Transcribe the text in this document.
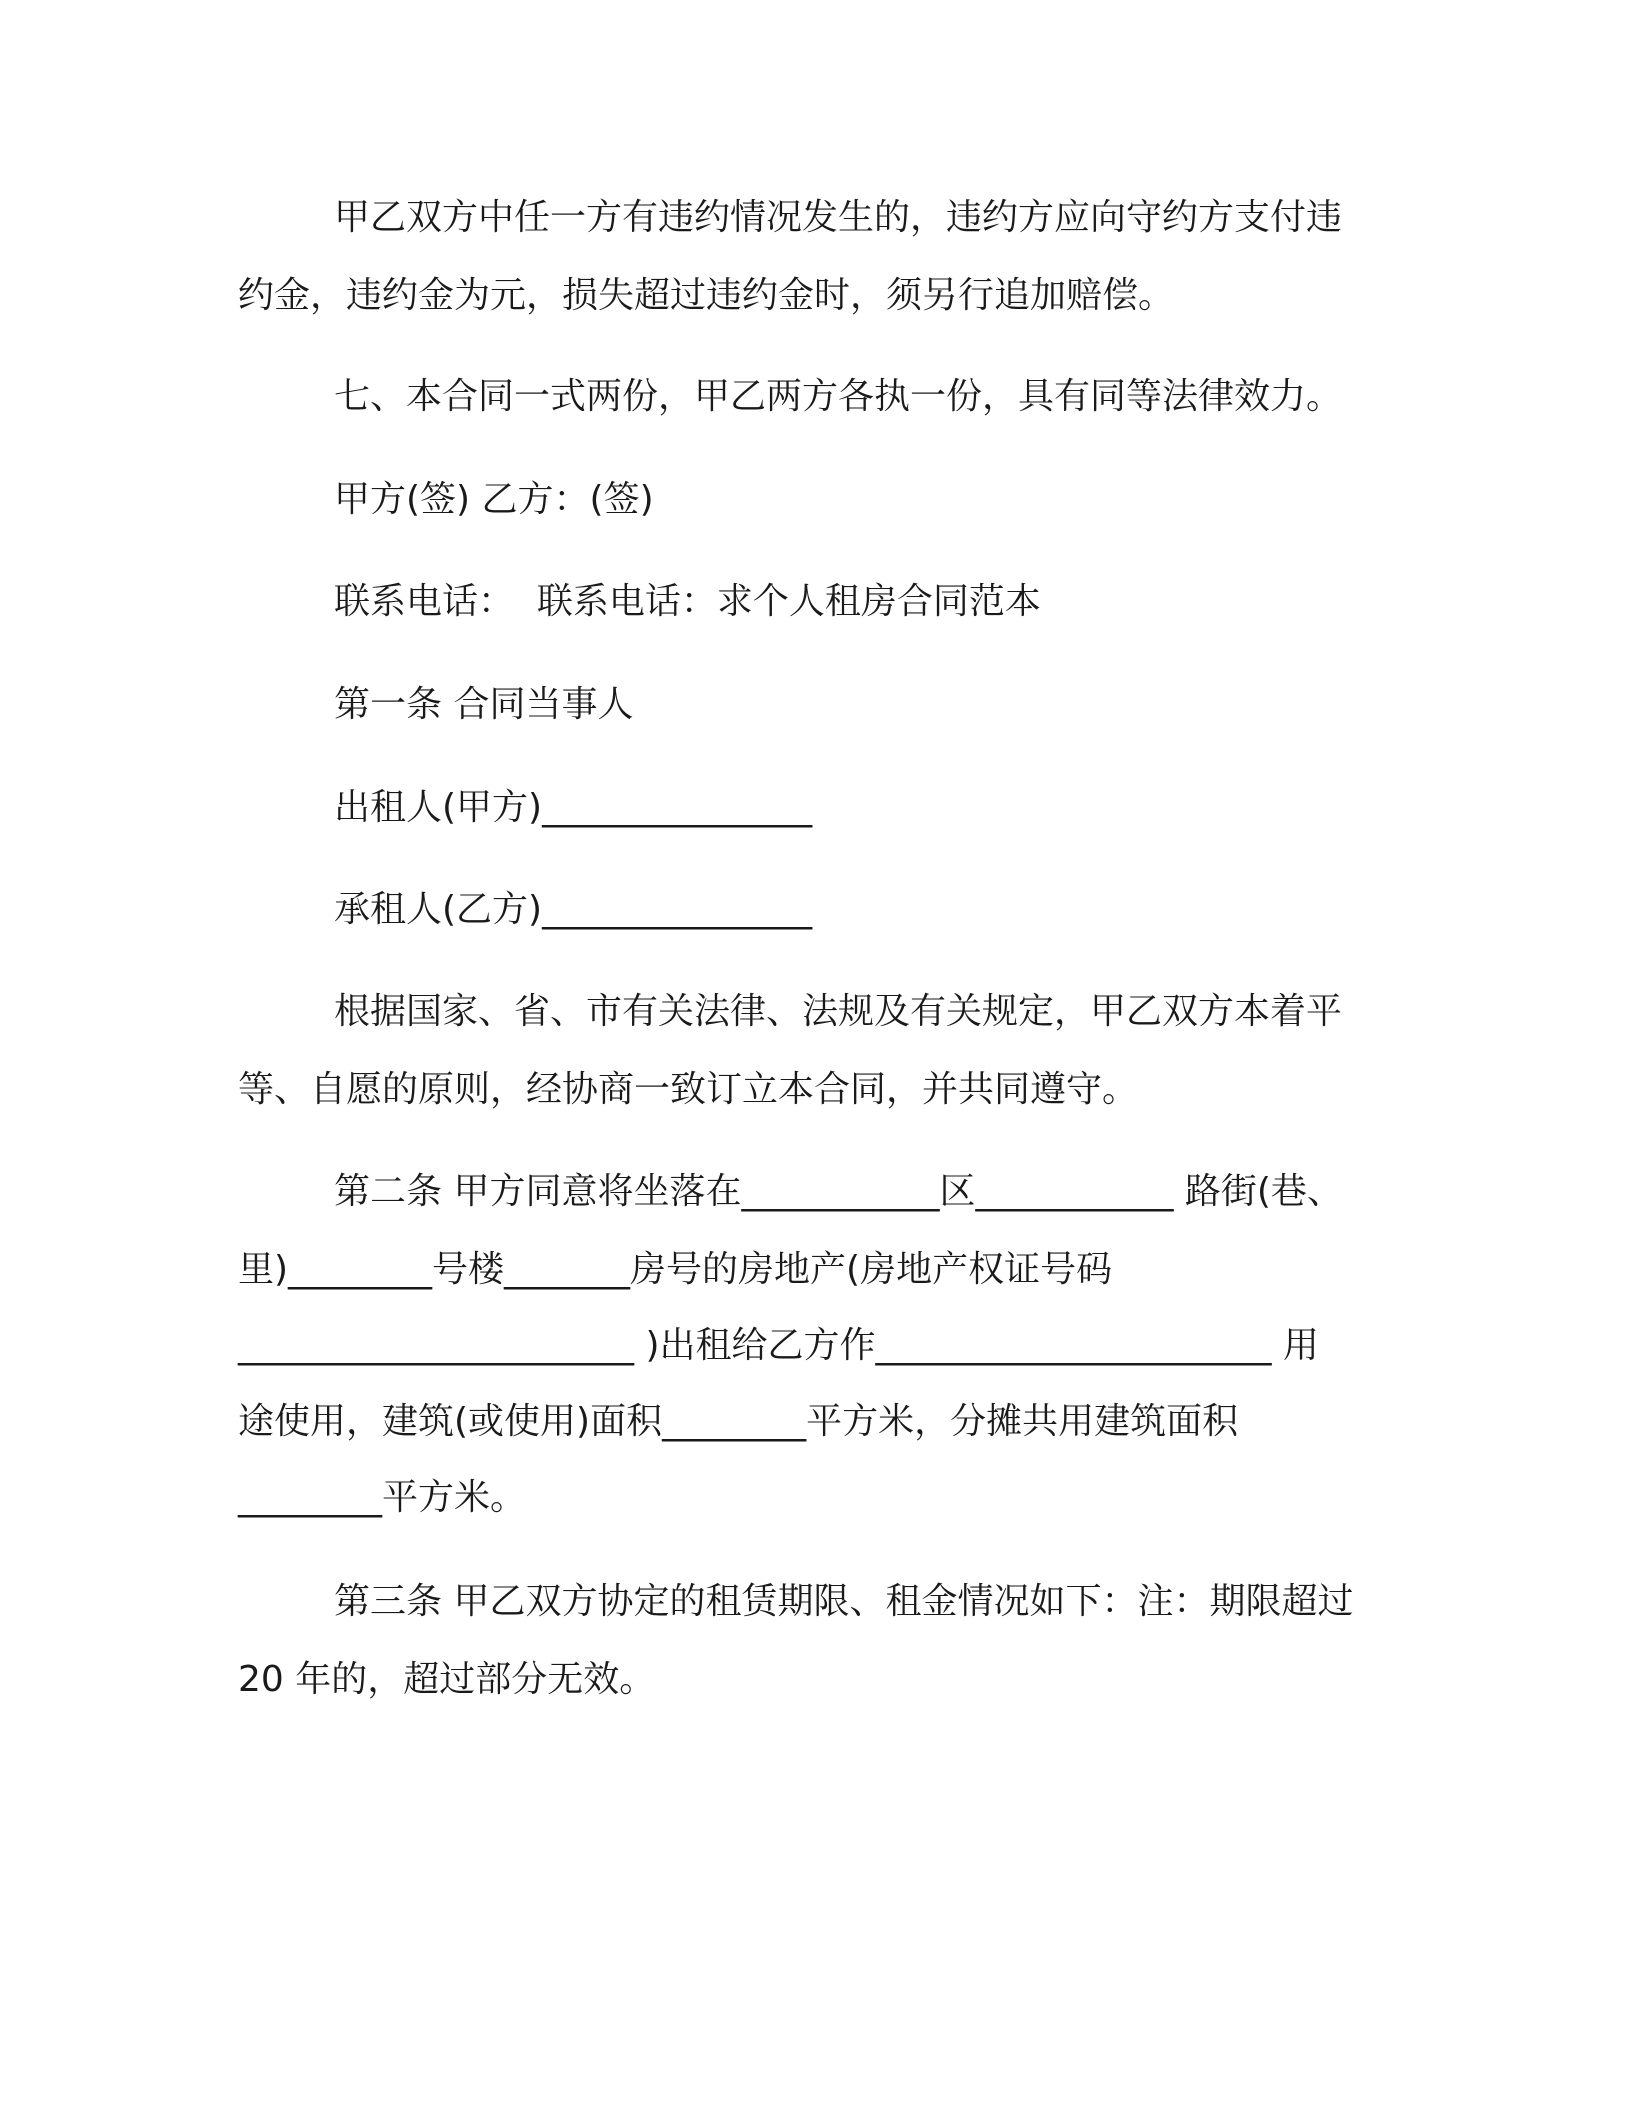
甲乙双方中任一方有违约情况发生的，违约方应向守约方支付违
约金，违约金为元，损失超过违约金时，须另行追加赔偿。
七、本合同一式两份，甲乙两方各执一份，具有同等法律效力。
甲方(签) 乙方：(签)
联系电话：  联系电话：求个人租房合同范本
第一条 合同当事人
出租人(甲方)_______________
承租人(乙方)_______________
根据国家、省、市有关法律、法规及有关规定，甲乙双方本着平
等、自愿的原则，经协商一致订立本合同，并共同遵守。
第二条 甲方同意将坐落在___________区___________ 路街(巷、
里)________号楼_______房号的房地产(房地产权证号码
______________________ )出租给乙方作______________________ 用
途使用，建筑(或使用)面积________平方米，分摊共用建筑面积
________平方米。
第三条 甲乙双方协定的租赁期限、租金情况如下：注：期限超过
20 年的，超过部分无效。
